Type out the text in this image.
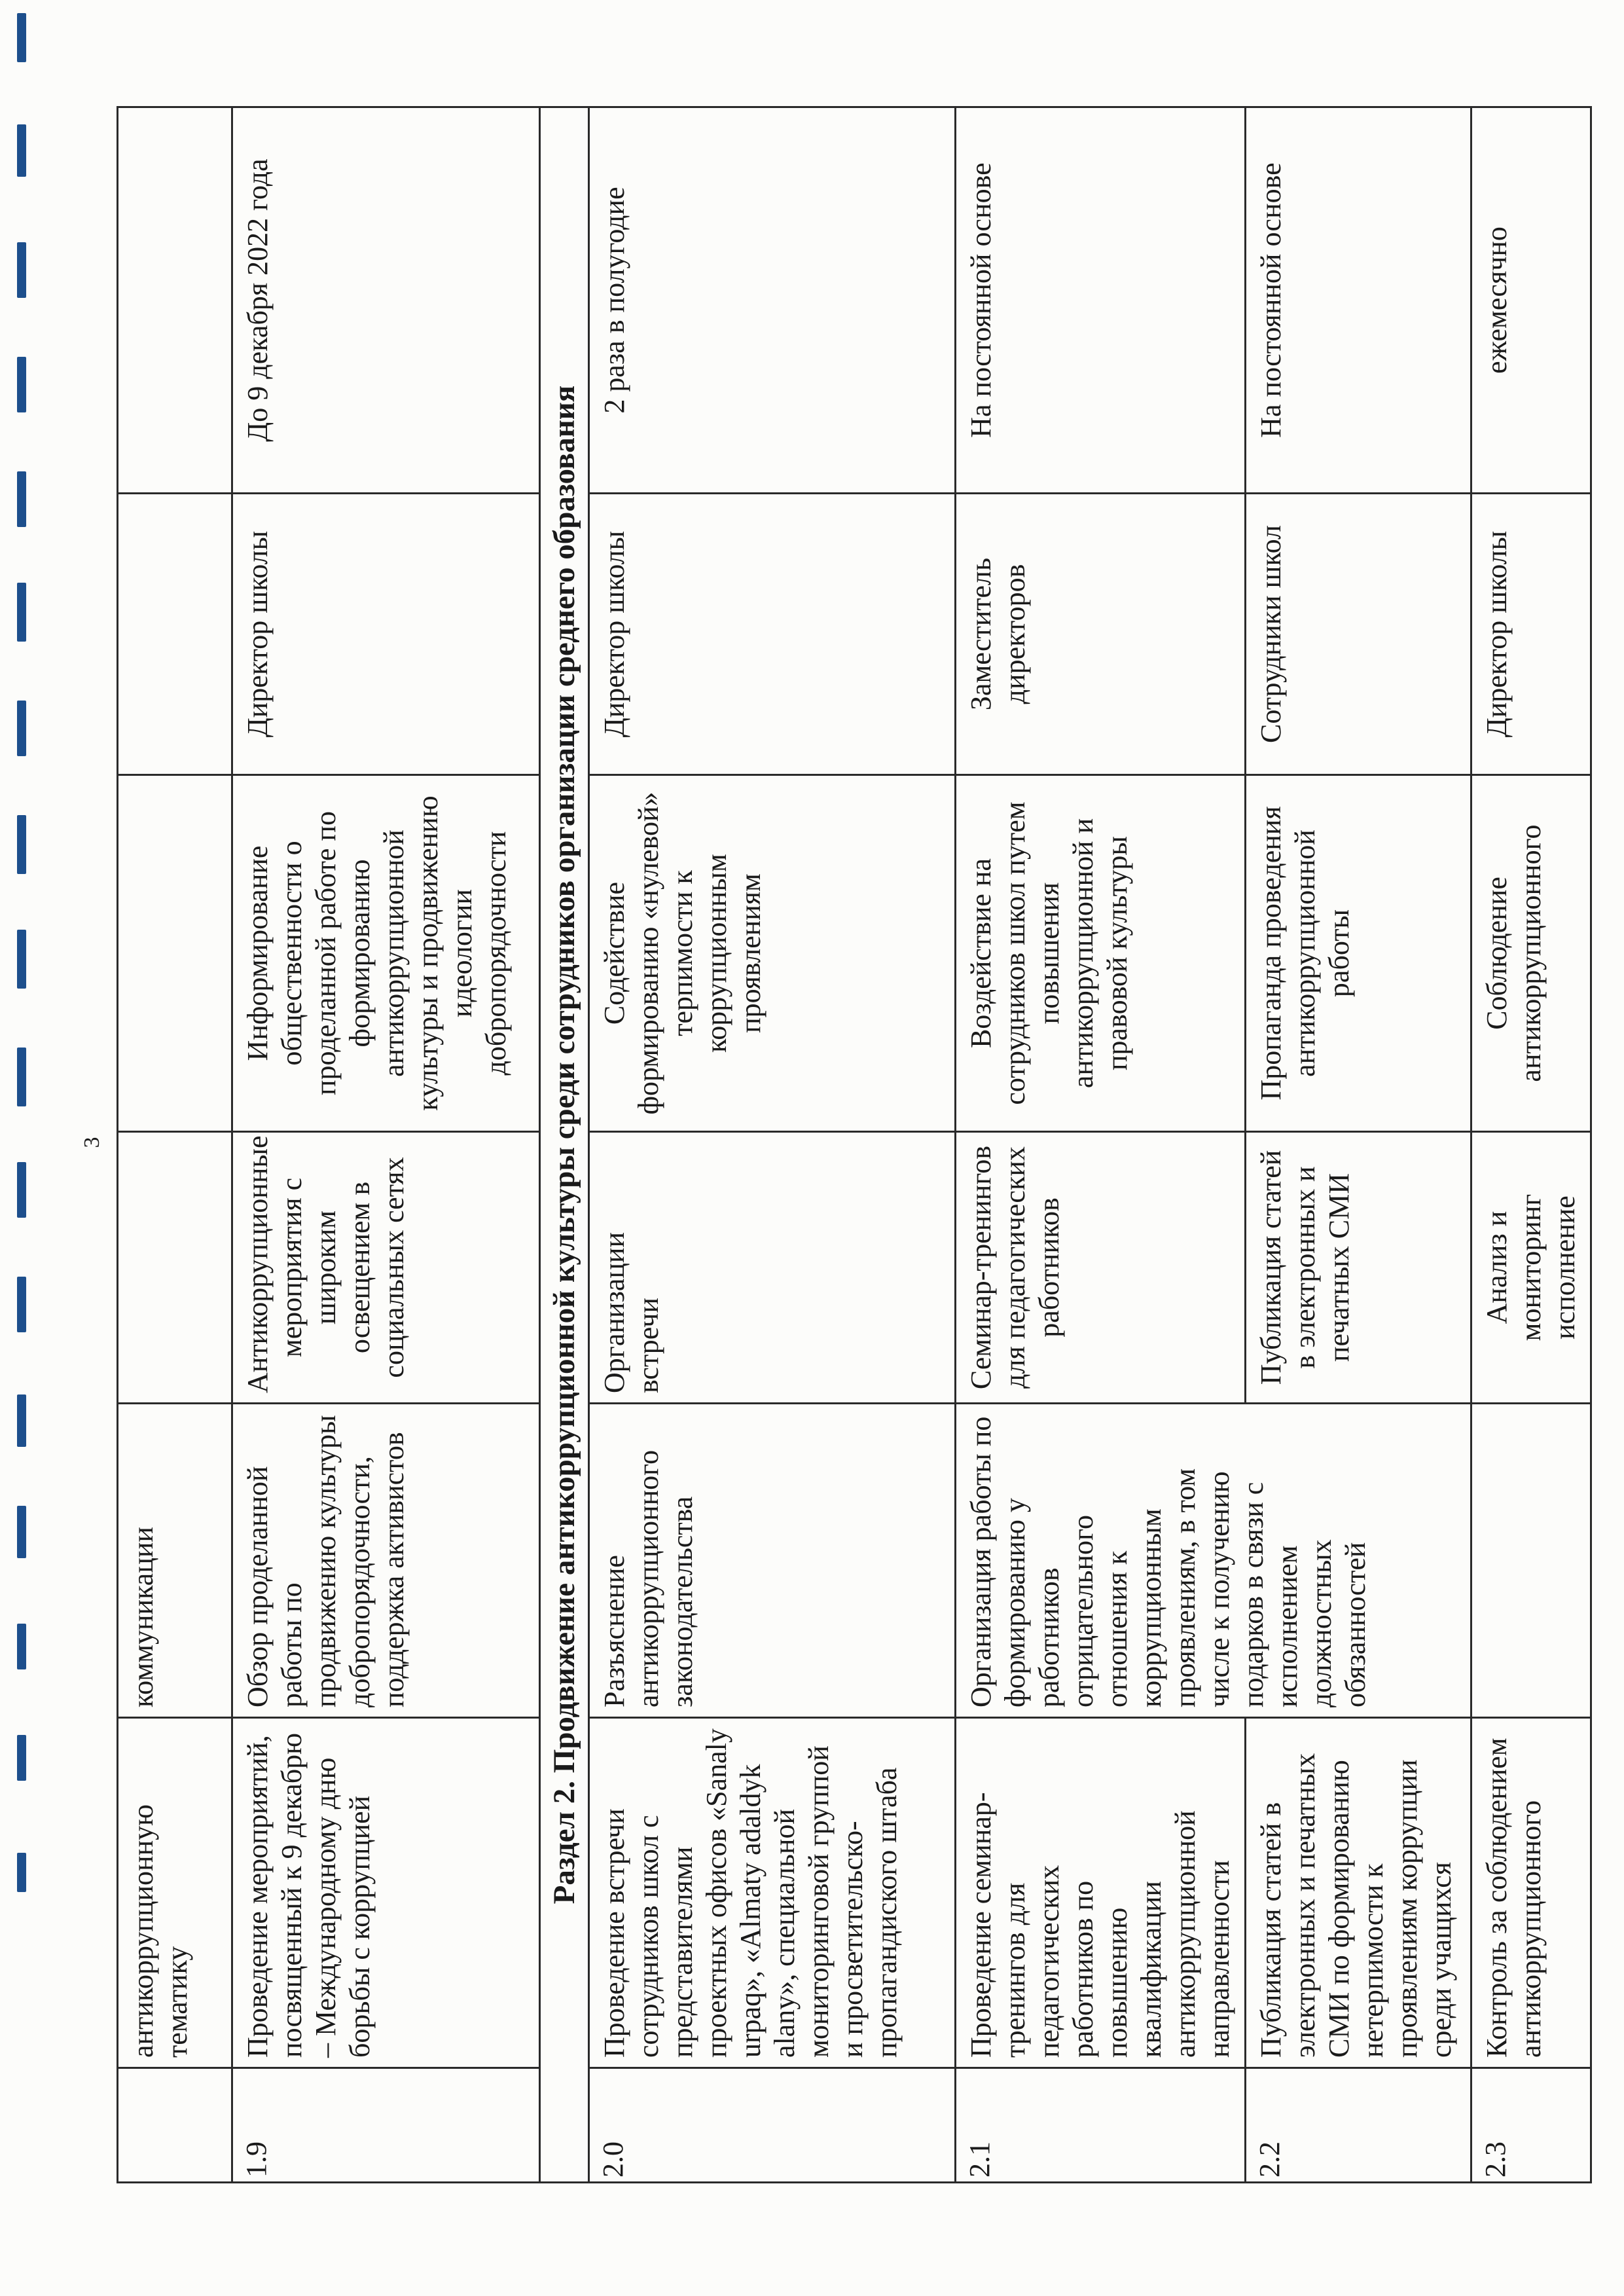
3
	антикоррупционную тематику	коммуникации				
1.9	Проведение мероприятий, посвященный к 9 декабрю – Международному дню борьбы с коррупцией	Обзор проделанной работы по продвижению культуры добропорядочности, поддержка активистов	Антикоррупционные мероприятия с широким освещением в социальных сетях	Информирование общественности о проделанной работе по формированию антикоррупционной культуры и продвижению идеологии добропорядочности	Директор школы	До 9 декабря 2022 года
Раздел 2. Продвижение антикоррупционной культуры среди сотрудников организации среднего образования						
2.0	Проведение встречи сотрудников школ с представителями проектных офисов «Sanaly urpaq», «Almaty adaldyk alany», специальной мониторинговой группой и просветительско-пропагандиского штаба	Разъяснение антикоррупционного законодательства	Организации встречи	Содействие формированию «нулевой» терпимости к коррупционным проявлениям	Директор школы	2 раза в полугодие
2.1	Проведение семинар-тренингов для педагогических работников по повышению квалификации антикоррупционной направленности	Организация работы по формированию у работников отрицательного отношения к коррупционным проявлениям, в том числе к получению подарков в связи с исполнением должностных обязанностей	Семинар-тренингов для педагогических работников	Воздействие на сотрудников школ путем повышения антикоррупционной и правовой культуры	Заместитель директоров	На постоянной основе
2.2	Публикация статей в электронных и печатных СМИ по формированию нетерпимости к проявлениям коррупции среди учащихся		Публикация статей в электронных и печатных СМИ	Пропаганда проведения антикоррупционной работы	Сотрудники школ	На постоянной основе
2.3	Контроль за соблюдением антикоррупционного		Анализ и мониторинг исполнение	Соблюдение антикоррупционного	Директор школы	ежемесячно
